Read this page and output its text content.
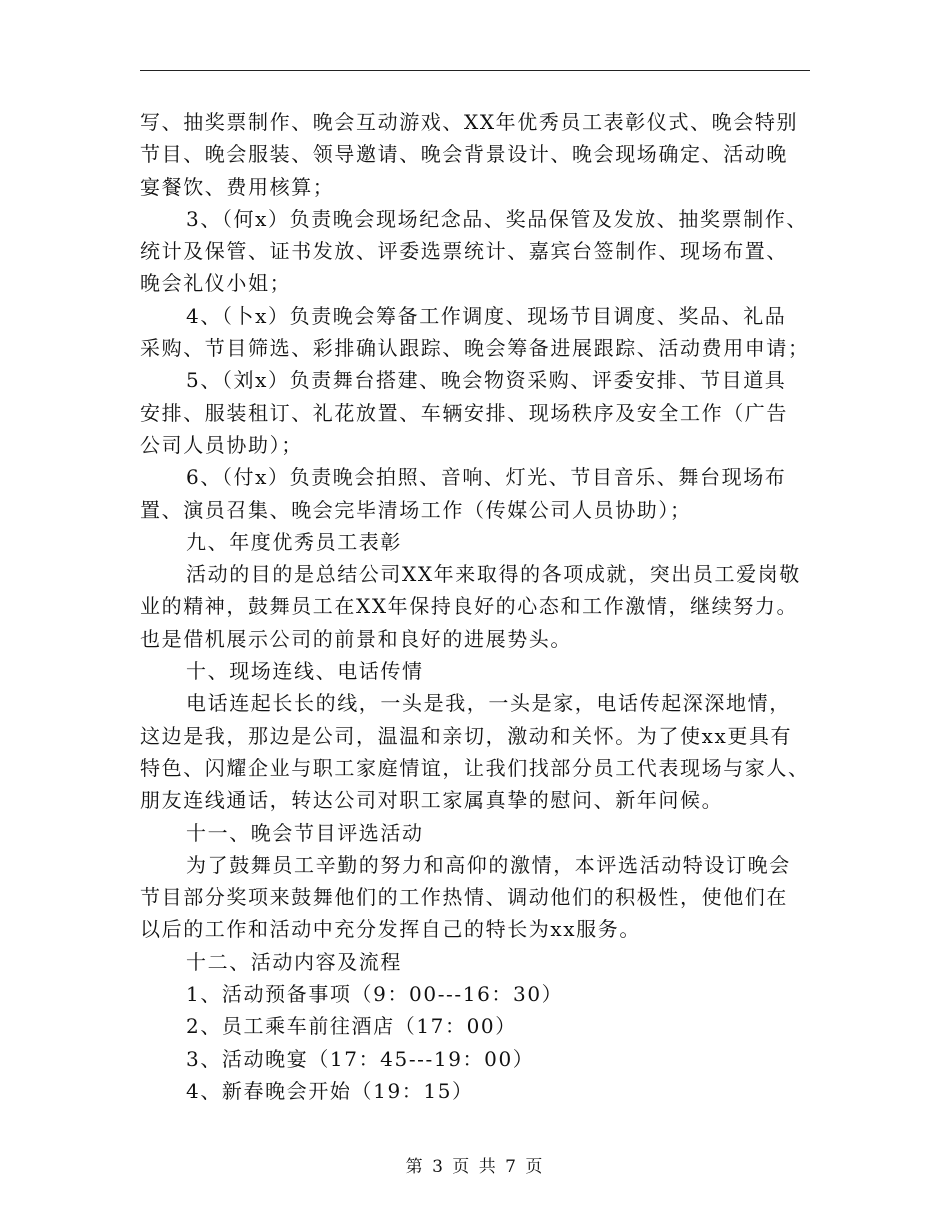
写、抽奖票制作、晚会互动游戏、XX年优秀员工表彰仪式、晚会特别
节目、晚会服装、领导邀请、晚会背景设计、晚会现场确定、活动晚
宴餐饮、费用核算；
3、（何x）负责晚会现场纪念品、奖品保管及发放、抽奖票制作、
统计及保管、证书发放、评委选票统计、嘉宾台签制作、现场布置、
晚会礼仪小姐；
4、（卜x）负责晚会筹备工作调度、现场节目调度、奖品、礼品
采购、节目筛选、彩排确认跟踪、晚会筹备进展跟踪、活动费用申请；
5、（刘x）负责舞台搭建、晚会物资采购、评委安排、节目道具
安排、服装租订、礼花放置、车辆安排、现场秩序及安全工作（广告
公司人员协助）；
6、（付x）负责晚会拍照、音响、灯光、节目音乐、舞台现场布
置、演员召集、晚会完毕清场工作（传媒公司人员协助）；
九、年度优秀员工表彰
活动的目的是总结公司XX年来取得的各项成就，突出员工爱岗敬
业的精神，鼓舞员工在XX年保持良好的心态和工作激情，继续努力。
也是借机展示公司的前景和良好的进展势头。
十、现场连线、电话传情
电话连起长长的线，一头是我，一头是家，电话传起深深地情，
这边是我，那边是公司，温温和亲切，激动和关怀。为了使xx更具有
特色、闪耀企业与职工家庭情谊，让我们找部分员工代表现场与家人、
朋友连线通话，转达公司对职工家属真挚的慰问、新年问候。
十一、晚会节目评选活动
为了鼓舞员工辛勤的努力和高仰的激情，本评选活动特设订晚会
节目部分奖项来鼓舞他们的工作热情、调动他们的积极性，使他们在
以后的工作和活动中充分发挥自己的特长为xx服务。
十二、活动内容及流程
1、活动预备事项（9：00---16：30）
2、员工乘车前往酒店（17：00）
3、活动晚宴（17：45---19：00）
4、新春晚会开始（19：15）
第 3 页 共 7 页
